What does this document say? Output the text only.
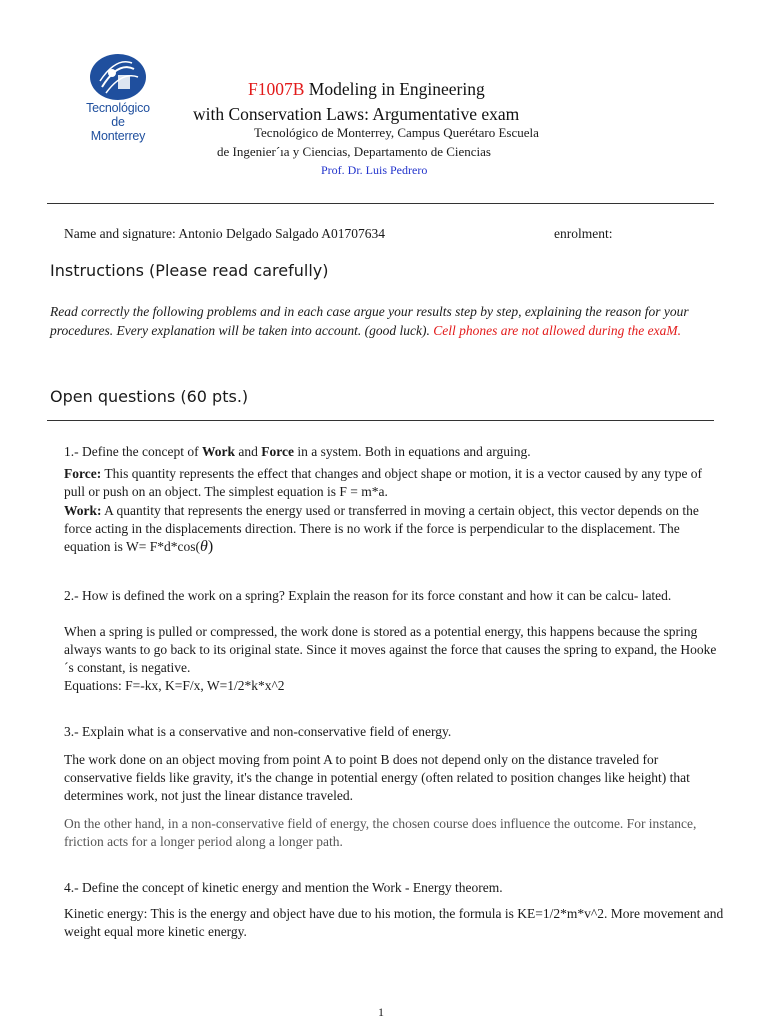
Tecnológico
de Monterrey
F1007B Modeling in Engineering
with Conservation Laws: Argumentative exam
Tecnológico de Monterrey, Campus Querétaro Escuela
de Ingenier´ıa y Ciencias, Departamento de Ciencias
Prof. Dr. Luis Pedrero
Name and signature: Antonio Delgado Salgado A01707634	enrolment:
Instructions (Please read carefully)
Read correctly the following problems and in each case argue your results step by step, explaining the reason for your procedures. Every explanation will be taken into account. (good luck). Cell phones are not allowed during the exaM.
Open questions (60 pts.)
1.- Define the concept of Work and Force in a system. Both in equations and arguing.
Force: This quantity represents the effect that changes and object shape or motion, it is a vector caused by any type of pull or push on an object. The simplest equation is F = m*a.
Work: A quantity that represents the energy used or transferred in moving a certain object, this vector depends on the force acting in the displacements direction. There is no work if the force is perpendicular to the displacement. The equation is W= F*d*cos(θ)
2.- How is defined the work on a spring? Explain the reason for its force constant and how it can be calcu- lated.
When a spring is pulled or compressed, the work done is stored as a potential energy, this happens because the spring always wants to go back to its original state. Since it moves against the force that causes the spring to expand, the Hooke´s constant, is negative.
Equations: F=-kx, K=F/x, W=1/2*k*x^2
3.- Explain what is a conservative and non-conservative field of energy.
The work done on an object moving from point A to point B does not depend only on the distance traveled for conservative fields like gravity, it's the change in potential energy (often related to position changes like height) that determines work, not just the linear distance traveled.
On the other hand, in a non-conservative field of energy, the chosen course does influence the outcome. For instance, friction acts for a longer period along a longer path.
4.- Define the concept of kinetic energy and mention the Work - Energy theorem.
Kinetic energy: This is the energy and object have due to his motion, the formula is KE=1/2*m*v^2. More movement and weight equal more kinetic energy.
1
